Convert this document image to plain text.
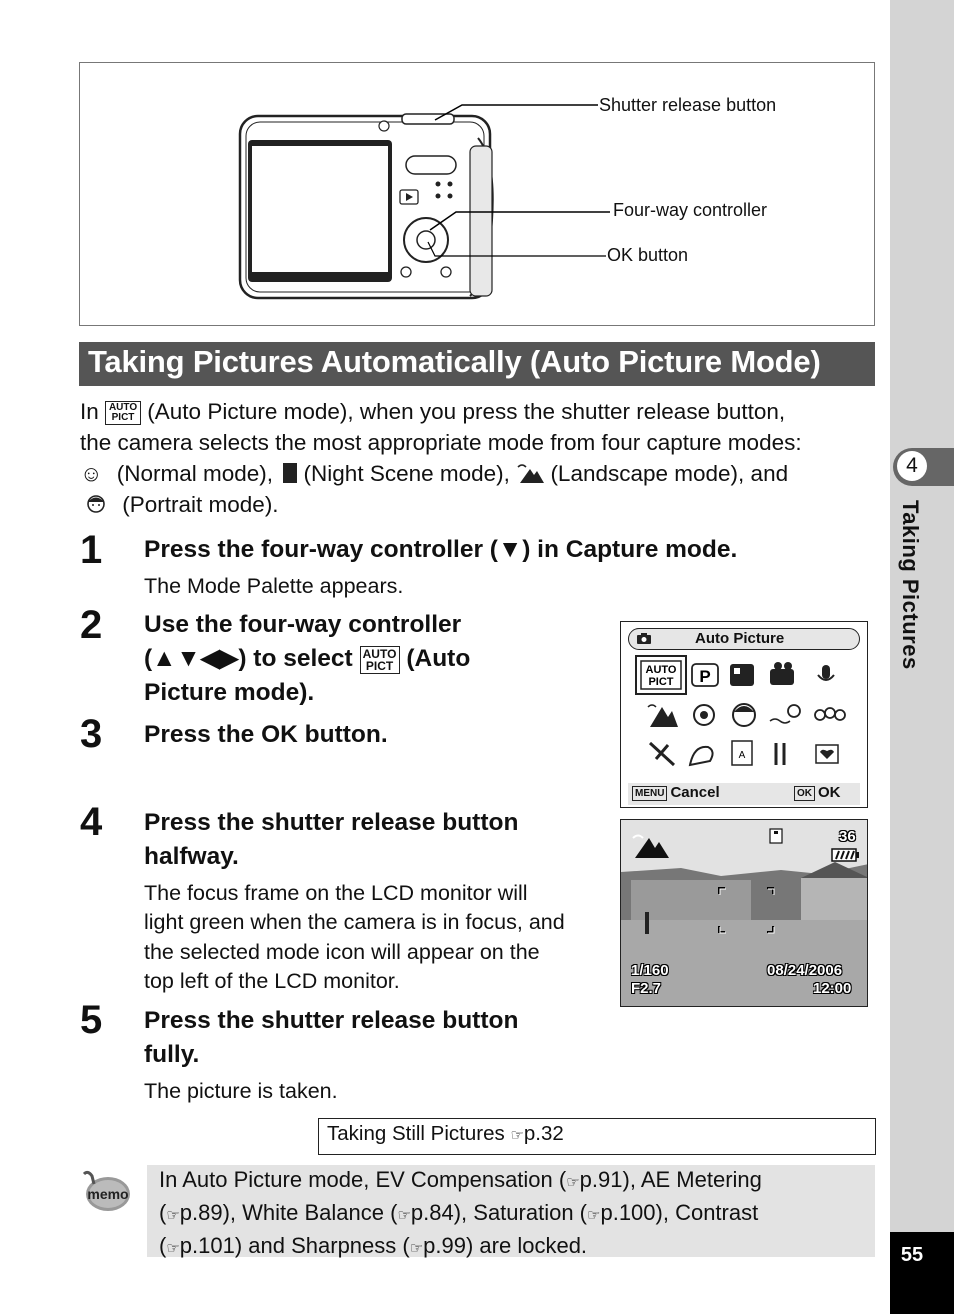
4
Taking Pictures
55
Shutter release button
Four-way controller
OK button
Taking Pictures Automatically (Auto Picture Mode)
In AUTO
PICT (Auto Picture mode), when you press the shutter release button,
the camera selects the most appropriate mode from four capture modes:
☺ (Normal mode), (Night Scene mode), (Landscape mode), and
(Portrait mode).
1 Press the four-way controller (▼) in Capture mode.
The Mode Palette appears.
2 Use the four-way controller
(▲▼◀▶) to select AUTO
PICT (Auto
Picture mode).
3 Press the OK button.
4 Press the shutter release button
halfway.
The focus frame on the LCD monitor will
light green when the camera is in focus, and
the selected mode icon will appear on the
top left of the LCD monitor.
5 Press the shutter release button
fully.
The picture is taken.
Auto Picture
AUTO
PICT P
A
MENU Cancel	OK OK
36
1/160
F2.7
08/24/2006
12:00
Taking Still Pictures ☞p.32
memo
In Auto Picture mode, EV Compensation (☞p.91), AE Metering
(☞p.89), White Balance (☞p.84), Saturation (☞p.100), Contrast
(☞p.101) and Sharpness (☞p.99) are locked.
